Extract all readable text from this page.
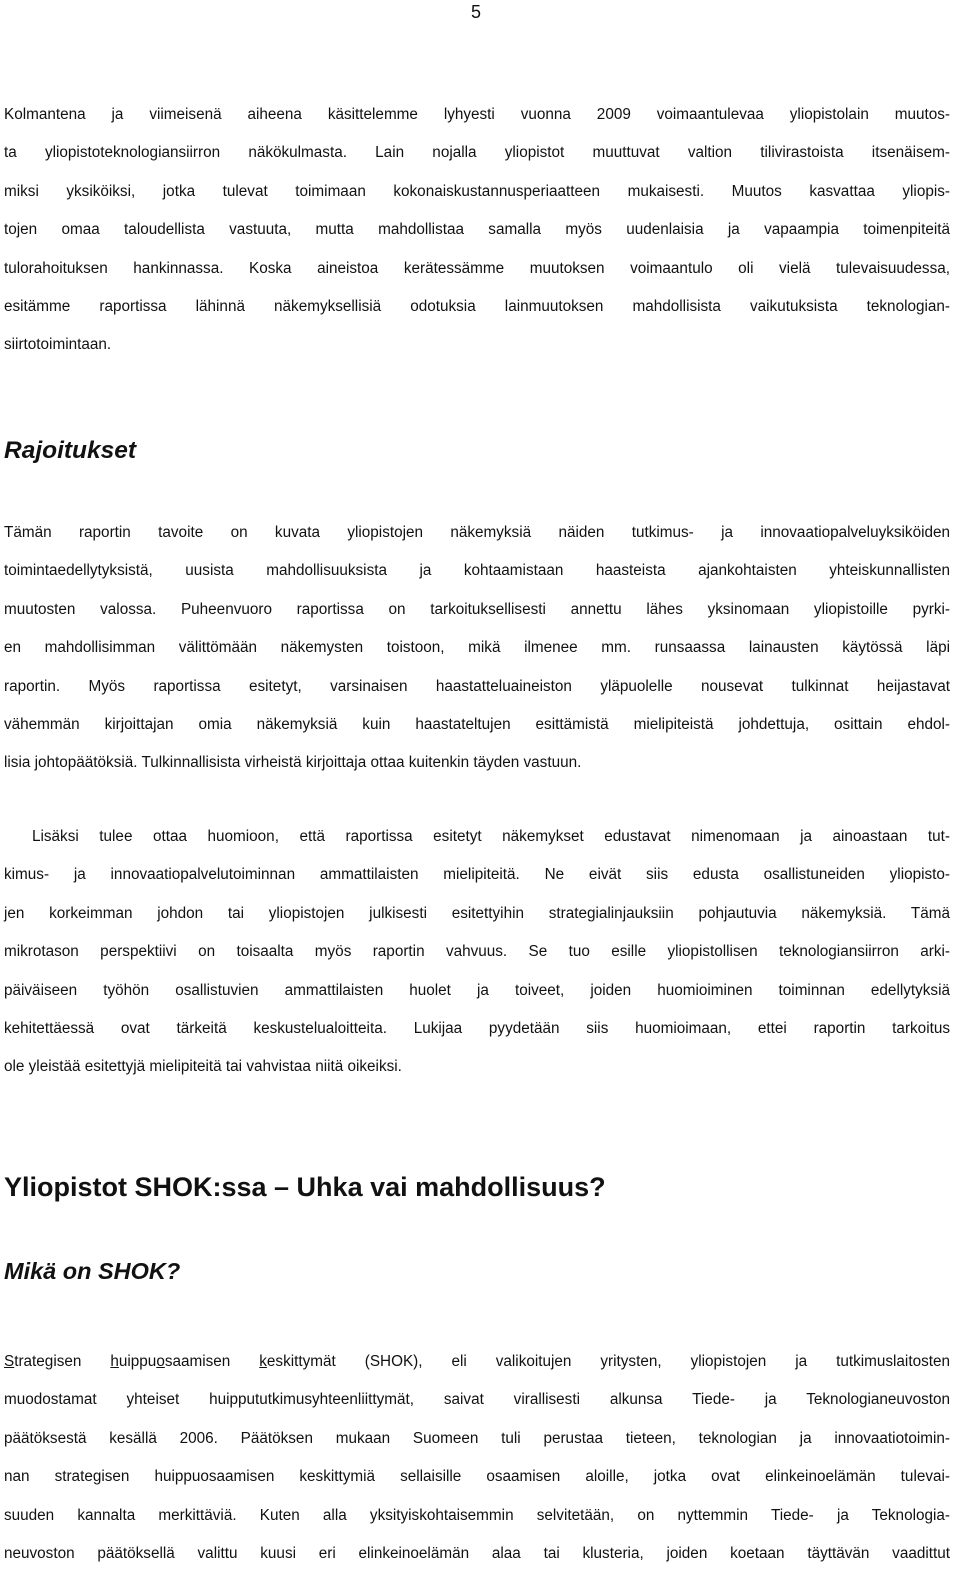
5
Kolmantena ja viimeisenä aiheena käsittelemme lyhyesti vuonna 2009 voimaantulevaa yliopistolain muutos-
ta yliopistoteknologiansiirron näkökulmasta. Lain nojalla yliopistot muuttuvat valtion tilivirastoista itsenäisem-
miksi yksiköiksi, jotka tulevat toimimaan kokonaiskustannusperiaatteen mukaisesti. Muutos kasvattaa yliopis-
tojen omaa taloudellista vastuuta, mutta mahdollistaa samalla myös uudenlaisia ja vapaampia toimenpiteitä
tulorahoituksen hankinnassa. Koska aineistoa kerätessämme muutoksen voimaantulo oli vielä tulevaisuudessa,
esitämme raportissa lähinnä näkemyksellisiä odotuksia lainmuutoksen mahdollisista vaikutuksista teknologian-
siirtotoimintaan.
Rajoitukset
Tämän raportin tavoite on kuvata yliopistojen näkemyksiä näiden tutkimus- ja innovaatiopalveluyksiköiden
toimintaedellytyksistä, uusista mahdollisuuksista ja kohtaamistaan haasteista ajankohtaisten yhteiskunnallisten
muutosten valossa. Puheenvuoro raportissa on tarkoituksellisesti annettu lähes yksinomaan yliopistoille pyrki-
en mahdollisimman välittömään näkemysten toistoon, mikä ilmenee mm. runsaassa lainausten käytössä läpi
raportin. Myös raportissa esitetyt, varsinaisen haastatteluaineiston yläpuolelle nousevat tulkinnat heijastavat
vähemmän kirjoittajan omia näkemyksiä kuin haastateltujen esittämistä mielipiteistä johdettuja, osittain ehdol-
lisia johtopäätöksiä. Tulkinnallisista virheistä kirjoittaja ottaa kuitenkin täyden vastuun.
Lisäksi tulee ottaa huomioon, että raportissa esitetyt näkemykset edustavat nimenomaan ja ainoastaan tut-
kimus- ja innovaatiopalvelutoiminnan ammattilaisten mielipiteitä. Ne eivät siis edusta osallistuneiden yliopisto-
jen korkeimman johdon tai yliopistojen julkisesti esitettyihin strategialinjauksiin pohjautuvia näkemyksiä. Tämä
mikrotason perspektiivi on toisaalta myös raportin vahvuus. Se tuo esille yliopistollisen teknologiansiirron arki-
päiväiseen työhön osallistuvien ammattilaisten huolet ja toiveet, joiden huomioiminen toiminnan edellytyksiä
kehitettäessä ovat tärkeitä keskustelualoitteita. Lukijaa pyydetään siis huomioimaan, ettei raportin tarkoitus
ole yleistää esitettyjä mielipiteitä tai vahvistaa niitä oikeiksi.
Yliopistot SHOK:ssa – Uhka vai mahdollisuus?
Mikä on SHOK?
Strategisen huippuosaamisen keskittymät (SHOK), eli valikoitujen yritysten, yliopistojen ja tutkimuslaitosten
muodostamat yhteiset huippututkimusyhteenliittymät, saivat virallisesti alkunsa Tiede- ja Teknologianeuvoston
päätöksestä kesällä 2006. Päätöksen mukaan Suomeen tuli perustaa tieteen, teknologian ja innovaatiotoimin-
nan strategisen huippuosaamisen keskittymiä sellaisille osaamisen aloille, jotka ovat elinkeinoelämän tulevai-
suuden kannalta merkittäviä. Kuten alla yksityiskohtaisemmin selvitetään, on nyttemmin Tiede- ja Teknologia-
neuvoston päätöksellä valittu kuusi eri elinkeinoelämän alaa tai klusteria, joiden koetaan täyttävän vaadittut
